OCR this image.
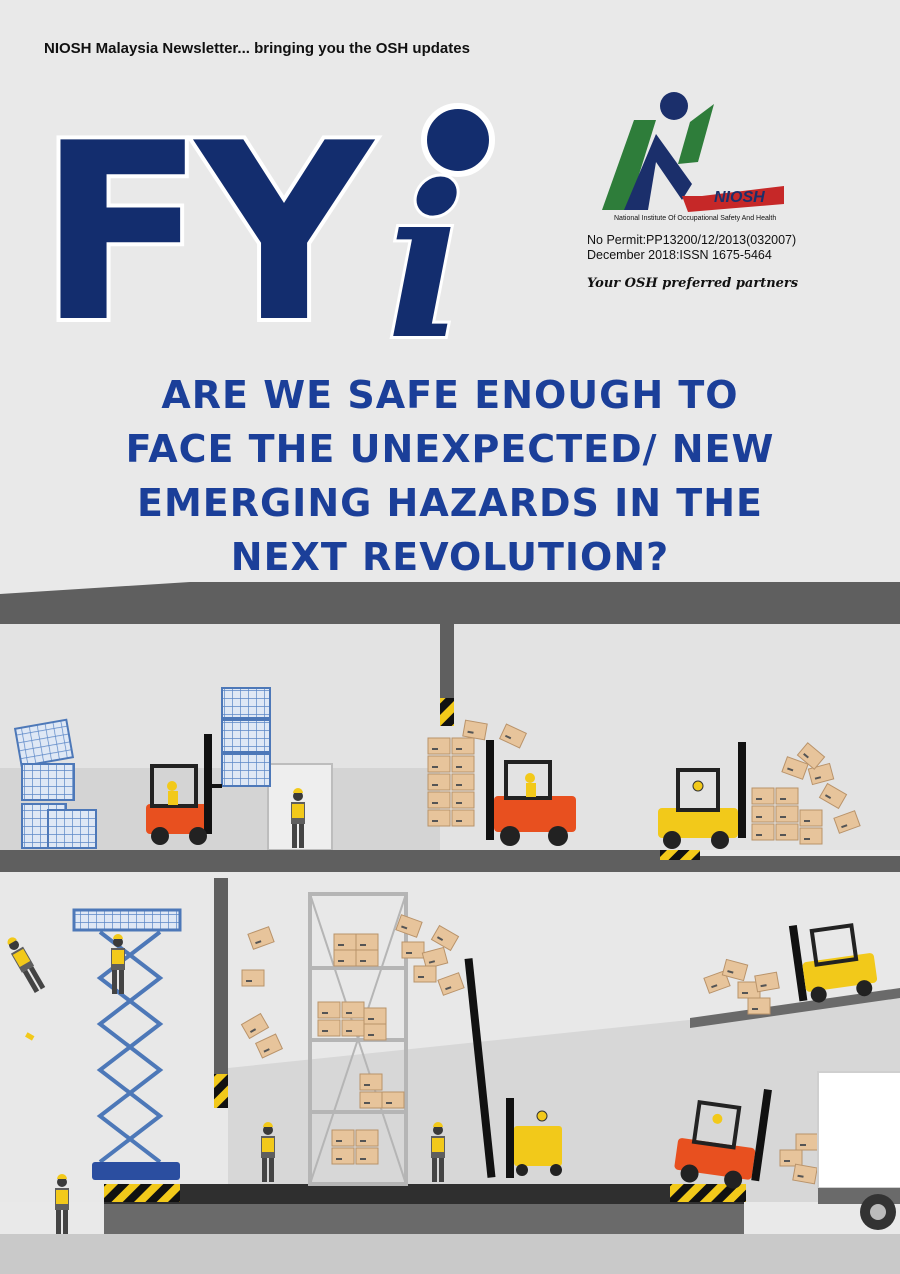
NIOSH Malaysia Newsletter... bringing you the OSH updates
FY i	NIOSH
National Institute Of Occupational Safety And Health
No Permit:PP13200/12/2013(032007)
December 2018:ISSN 1675-5464
Your OSH preferred partners
ARE WE SAFE ENOUGH TO
FACE THE UNEXPECTED/ NEW
EMERGING HAZARDS IN THE
NEXT REVOLUTION?
